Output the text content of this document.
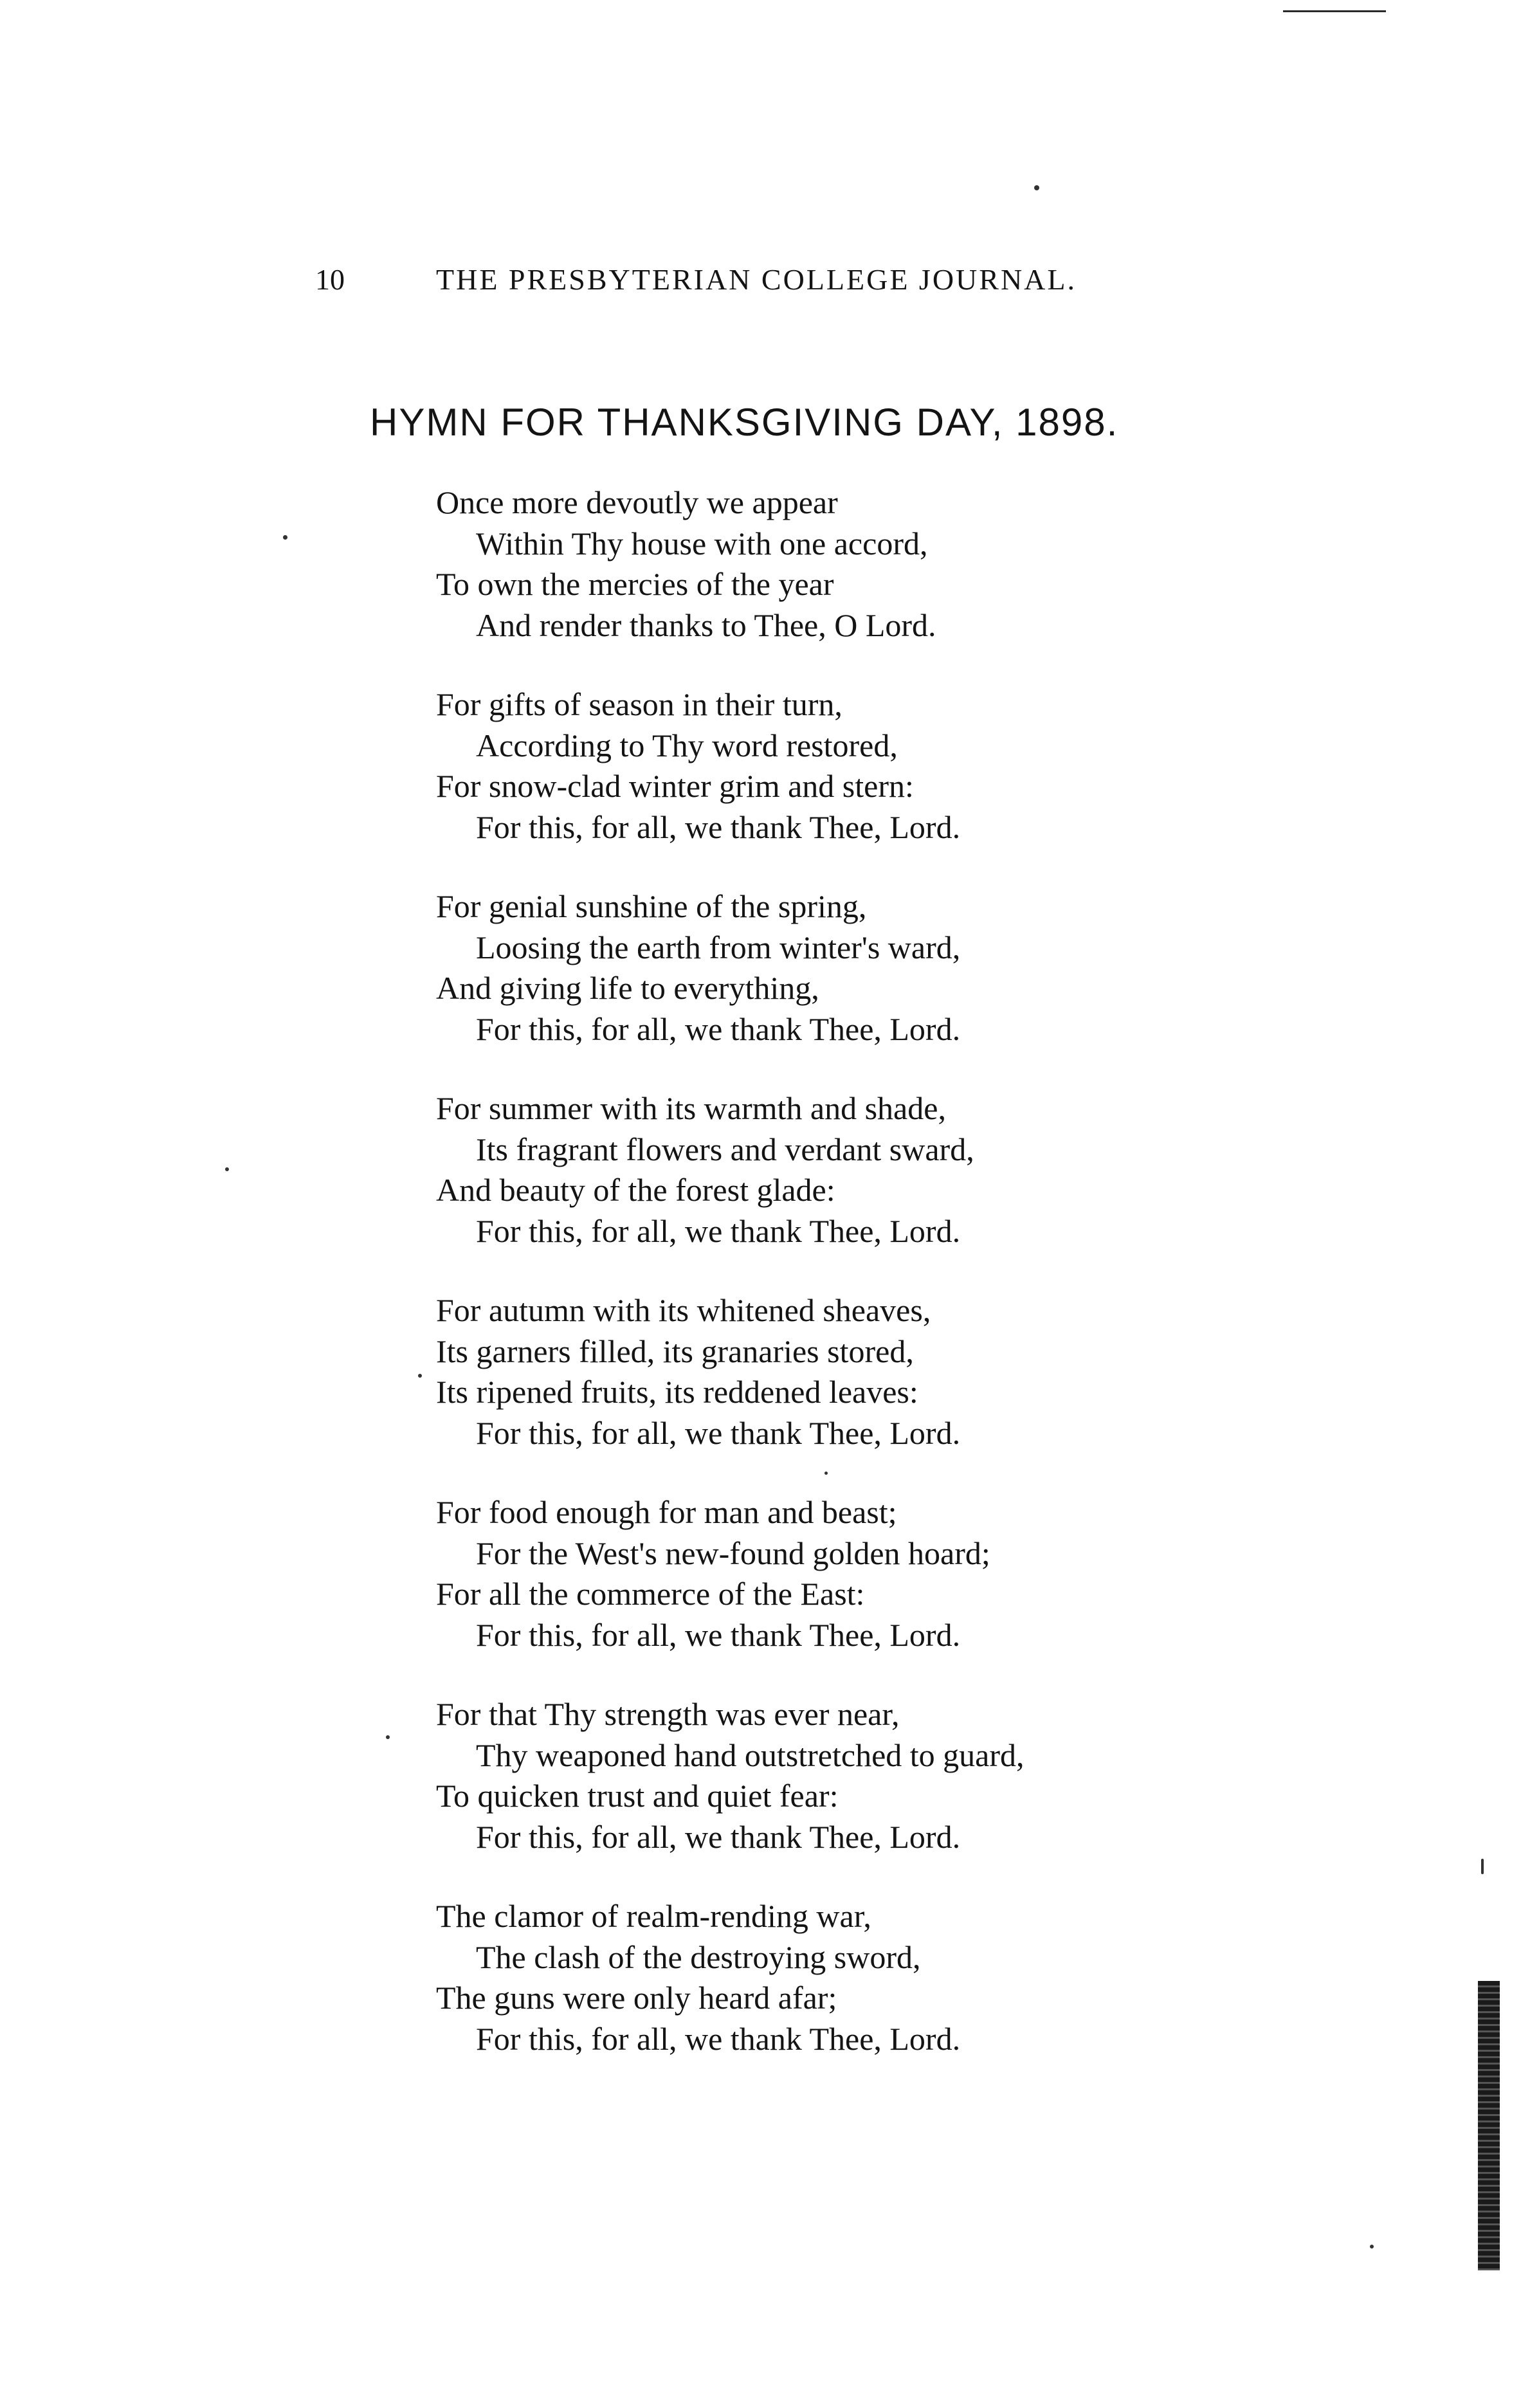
10	THE PRESBYTERIAN COLLEGE JOURNAL.
HYMN FOR THANKSGIVING DAY, 1898.
Once more devoutly we appear
Within Thy house with one accord,
To own the mercies of the year
And render thanks to Thee, O Lord.
For gifts of season in their turn,
According to Thy word restored,
For snow-clad winter grim and stern:
For this, for all, we thank Thee, Lord.
For genial sunshine of the spring,
Loosing the earth from winter's ward,
And giving life to everything,
For this, for all, we thank Thee, Lord.
For summer with its warmth and shade,
Its fragrant flowers and verdant sward,
And beauty of the forest glade:
For this, for all, we thank Thee, Lord.
For autumn with its whitened sheaves,
Its garners filled, its granaries stored,
Its ripened fruits, its reddened leaves:
For this, for all, we thank Thee, Lord.
For food enough for man and beast;
For the West's new-found golden hoard;
For all the commerce of the East:
For this, for all, we thank Thee, Lord.
For that Thy strength was ever near,
Thy weaponed hand outstretched to guard,
To quicken trust and quiet fear:
For this, for all, we thank Thee, Lord.
The clamor of realm-rending war,
The clash of the destroying sword,
The guns were only heard afar;
For this, for all, we thank Thee, Lord.
